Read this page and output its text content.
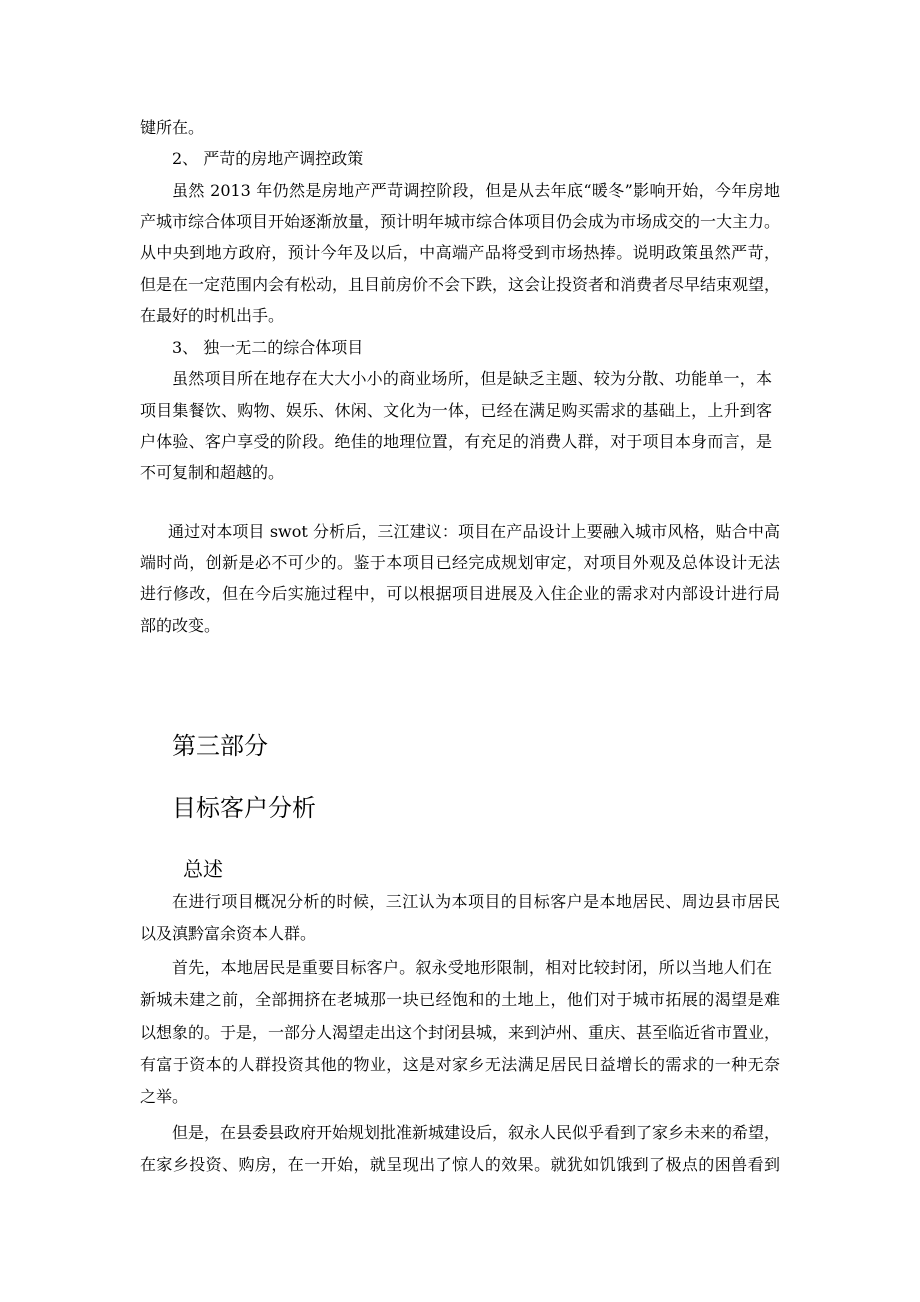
键所在。
2、 严苛的房地产调控政策
虽然 2013 年仍然是房地产严苛调控阶段，但是从去年底“暖冬”影响开始，今年房地
产城市综合体项目开始逐渐放量，预计明年城市综合体项目仍会成为市场成交的一大主力。
从中央到地方政府，预计今年及以后，中高端产品将受到市场热捧。说明政策虽然严苛，
但是在一定范围内会有松动，且目前房价不会下跌，这会让投资者和消费者尽早结束观望，
在最好的时机出手。
3、 独一无二的综合体项目
虽然项目所在地存在大大小小的商业场所，但是缺乏主题、较为分散、功能单一，本
项目集餐饮、购物、娱乐、休闲、文化为一体，已经在满足购买需求的基础上，上升到客
户体验、客户享受的阶段。绝佳的地理位置，有充足的消费人群，对于项目本身而言，是
不可复制和超越的。
通过对本项目 swot 分析后，三江建议：项目在产品设计上要融入城市风格，贴合中高
端时尚，创新是必不可少的。鉴于本项目已经完成规划审定，对项目外观及总体设计无法
进行修改，但在今后实施过程中，可以根据项目进展及入住企业的需求对内部设计进行局
部的改变。
第三部分
目标客户分析
总述
在进行项目概况分析的时候，三江认为本项目的目标客户是本地居民、周边县市居民
以及滇黔富余资本人群。
首先，本地居民是重要目标客户。叙永受地形限制，相对比较封闭，所以当地人们在
新城未建之前，全部拥挤在老城那一块已经饱和的土地上，他们对于城市拓展的渴望是难
以想象的。于是，一部分人渴望走出这个封闭县城，来到泸州、重庆、甚至临近省市置业，
有富于资本的人群投资其他的物业，这是对家乡无法满足居民日益增长的需求的一种无奈
之举。
但是，在县委县政府开始规划批准新城建设后，叙永人民似乎看到了家乡未来的希望，
在家乡投资、购房，在一开始，就呈现出了惊人的效果。就犹如饥饿到了极点的困兽看到
